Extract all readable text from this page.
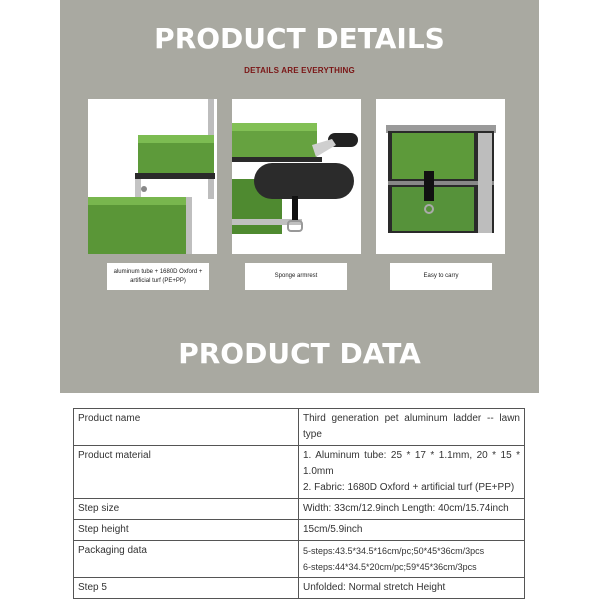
PRODUCT DETAILS
DETAILS ARE EVERYTHING
aluminum tube + 1680D Oxford + artificial turf (PE+PP)
Sponge armrest	Easy to carry
PRODUCT DATA
Product name	Third generation pet aluminum ladder -- lawn type
Product material	1. Aluminum tube: 25 * 17 * 1.1mm, 20 * 15 * 1.0mm
2. Fabric: 1680D Oxford + artificial turf (PE+PP)

Step size	Width: 33cm/12.9inch Length: 40cm/15.74inch
Step height	15cm/5.9inch
Packaging data	5-steps:43.5*34.5*16cm/pc;50*45*36cm/3pcs
6-steps:44*34.5*20cm/pc;59*45*36cm/3pcs

Step 5	Unfolded: Normal stretch Height
